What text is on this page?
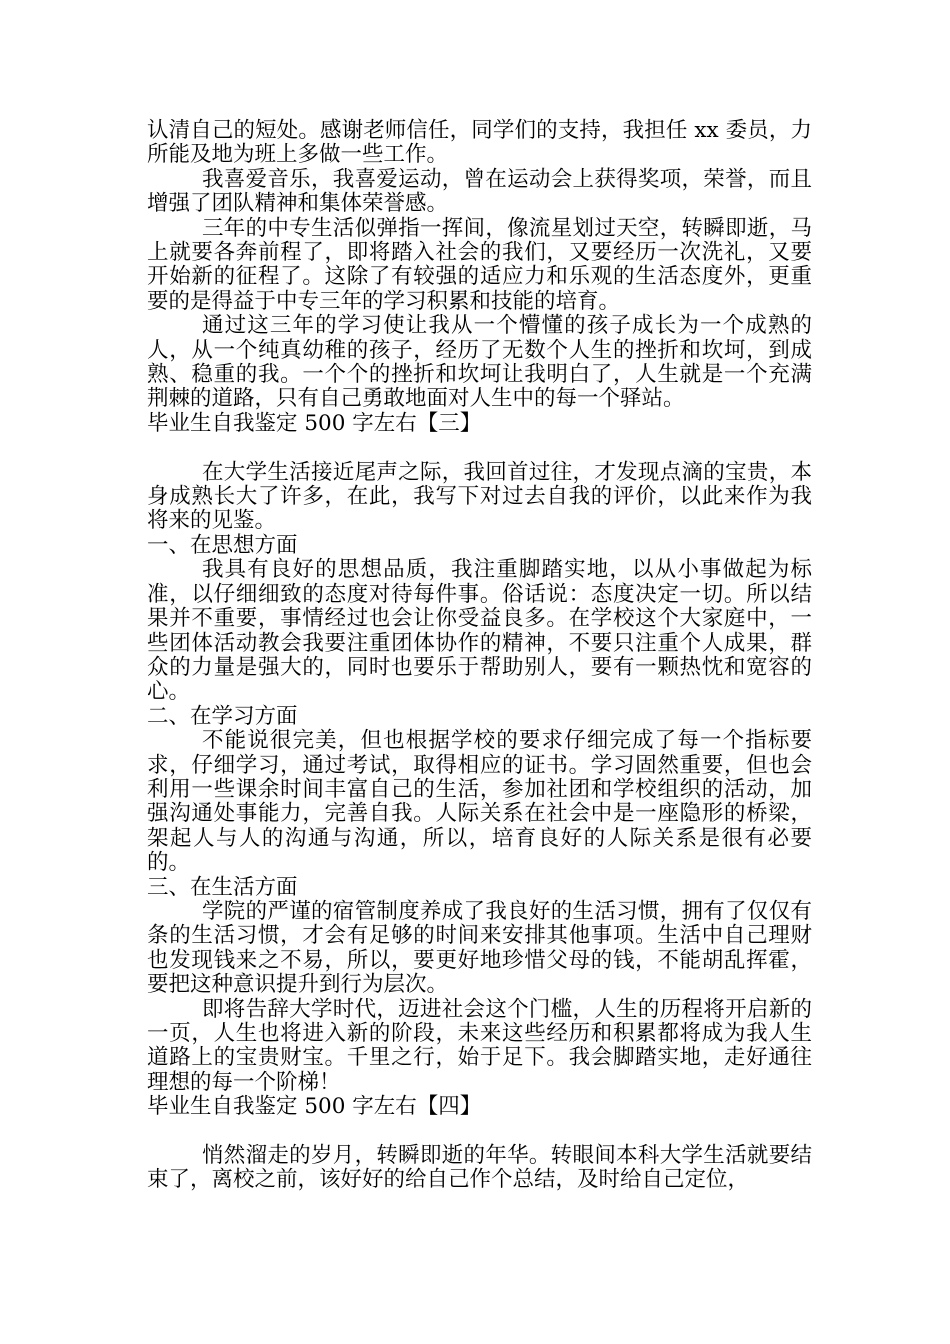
认清自己的短处。感谢老师信任，同学们的支持，我担任 xx 委员，力所能及地为班上多做一些工作。

我喜爱音乐，我喜爱运动，曾在运动会上获得奖项，荣誉，而且增强了团队精神和集体荣誉感。

三年的中专生活似弹指一挥间，像流星划过天空，转瞬即逝，马上就要各奔前程了，即将踏入社会的我们，又要经历一次洗礼，又要开始新的征程了。这除了有较强的适应力和乐观的生活态度外，更重要的是得益于中专三年的学习积累和技能的培育。

通过这三年的学习使让我从一个懵懂的孩子成长为一个成熟的人，从一个纯真幼稚的孩子，经历了无数个人生的挫折和坎坷，到成熟、稳重的我。一个个的挫折和坎坷让我明白了，人生就是一个充满荆棘的道路，只有自己勇敢地面对人生中的每一个驿站。

毕业生自我鉴定 500 字左右【三】

在大学生活接近尾声之际，我回首过往，才发现点滴的宝贵，本身成熟长大了许多，在此，我写下对过去自我的评价，以此来作为我将来的见鉴。

一、在思想方面

我具有良好的思想品质，我注重脚踏实地，以从小事做起为标准，以仔细细致的态度对待每件事。俗话说：态度决定一切。所以结果并不重要，事情经过也会让你受益良多。在学校这个大家庭中，一些团体活动教会我要注重团体协作的精神，不要只注重个人成果，群众的力量是强大的，同时也要乐于帮助别人，要有一颗热忱和宽容的心。

二、在学习方面

不能说很完美，但也根据学校的要求仔细完成了每一个指标要求，仔细学习，通过考试，取得相应的证书。学习固然重要，但也会利用一些课余时间丰富自己的生活，参加社团和学校组织的活动，加强沟通处事能力，完善自我。人际关系在社会中是一座隐形的桥梁，架起人与人的沟通与沟通，所以，培育良好的人际关系是很有必要的。

三、在生活方面

学院的严谨的宿管制度养成了我良好的生活习惯，拥有了仅仅有条的生活习惯，才会有足够的时间来安排其他事项。生活中自己理财也发现钱来之不易，所以，要更好地珍惜父母的钱，不能胡乱挥霍，要把这种意识提升到行为层次。

即将告辞大学时代，迈进社会这个门槛，人生的历程将开启新的一页，人生也将进入新的阶段，未来这些经历和积累都将成为我人生道路上的宝贵财宝。千里之行，始于足下。我会脚踏实地，走好通往理想的每一个阶梯！

毕业生自我鉴定 500 字左右【四】

悄然溜走的岁月，转瞬即逝的年华。转眼间本科大学生活就要结束了，离校之前，该好好的给自己作个总结，及时给自己定位，
